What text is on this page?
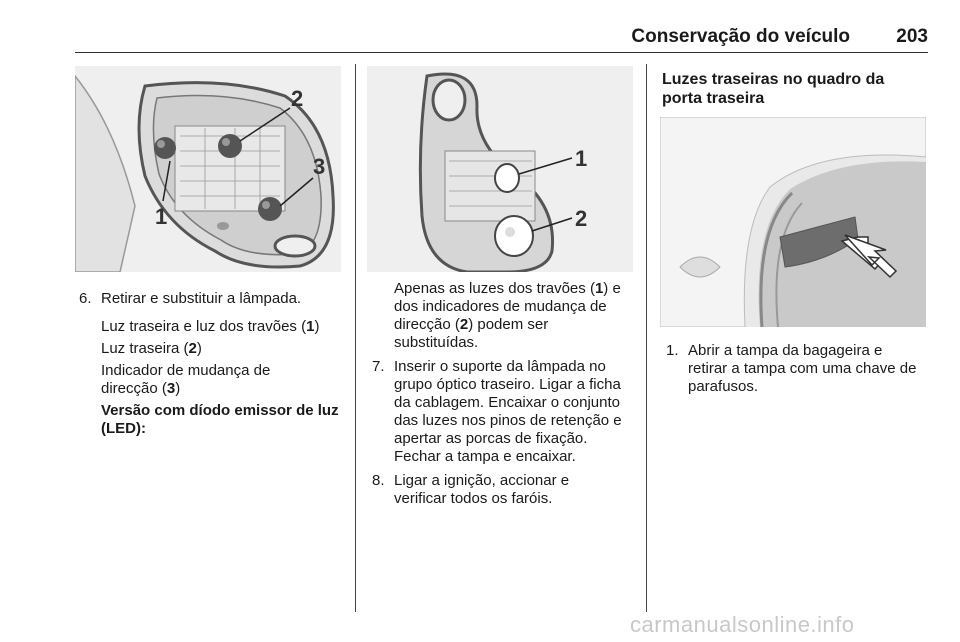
Conservação do veículo	203
1
2
3	1
2
6. Retirar e substituir a lâmpada.
Luz traseira e luz dos travões (1)
Luz traseira (2)
Indicador de mudança de
direcção (3)
Versão com díodo emissor de luz
(LED):
Apenas as luzes dos travões (1) e
dos indicadores de mudança de
direcção (2) podem ser
substituídas.
7. Inserir o suporte da lâmpada no
grupo óptico traseiro. Ligar a ficha
da cablagem. Encaixar o conjunto
das luzes nos pinos de retenção e
apertar as porcas de fixação.
Fechar a tampa e encaixar.
8. Ligar a ignição, accionar e
verificar todos os faróis.
Luzes traseiras no quadro da
porta traseira
1. Abrir a tampa da bagageira e
retirar a tampa com uma chave de
parafusos.
carmanualsonline.info
